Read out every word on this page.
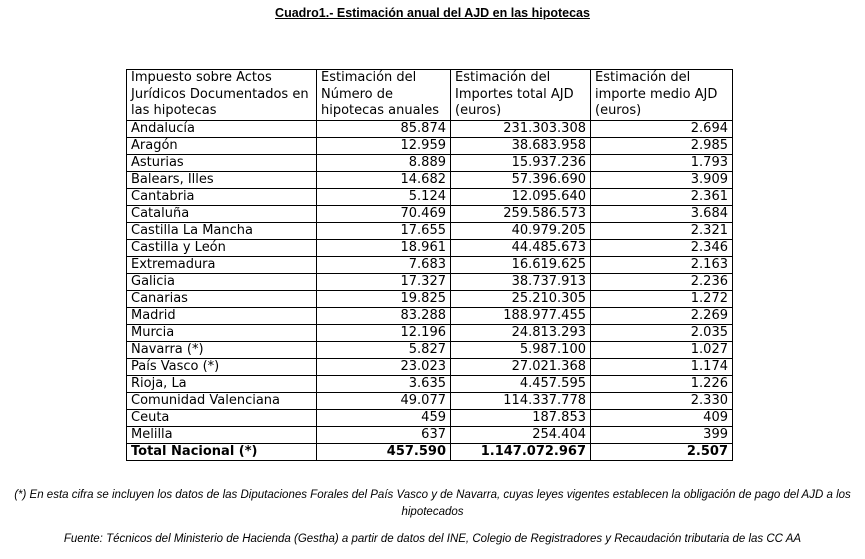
Cuadro1.- Estimación anual del AJD en las hipotecas
Impuesto sobre Actos Jurídicos Documentados en las hipotecas	Estimación del Número de hipotecas anuales	Estimación del Importes total AJD (euros)	Estimación del importe medio AJD (euros)
Andalucía	85.874	231.303.308	2.694
Aragón	12.959	38.683.958	2.985
Asturias	8.889	15.937.236	1.793
Balears, Illes	14.682	57.396.690	3.909
Cantabria	5.124	12.095.640	2.361
Cataluña	70.469	259.586.573	3.684
Castilla La Mancha	17.655	40.979.205	2.321
Castilla y León	18.961	44.485.673	2.346
Extremadura	7.683	16.619.625	2.163
Galicia	17.327	38.737.913	2.236
Canarias	19.825	25.210.305	1.272
Madrid	83.288	188.977.455	2.269
Murcia	12.196	24.813.293	2.035
Navarra (*)	5.827	5.987.100	1.027
País Vasco (*)	23.023	27.021.368	1.174
Rioja, La	3.635	4.457.595	1.226
Comunidad Valenciana	49.077	114.337.778	2.330
Ceuta	459	187.853	409
Melilla	637	254.404	399
Total Nacional (*)	457.590	1.147.072.967	2.507
(*) En esta cifra se incluyen los datos de las Diputaciones Forales del País Vasco y de Navarra, cuyas leyes vigentes establecen la obligación de pago del AJD a los hipotecados
Fuente: Técnicos del Ministerio de Hacienda (Gestha) a partir de datos del INE, Colegio de Registradores y Recaudación tributaria de las CC AA
